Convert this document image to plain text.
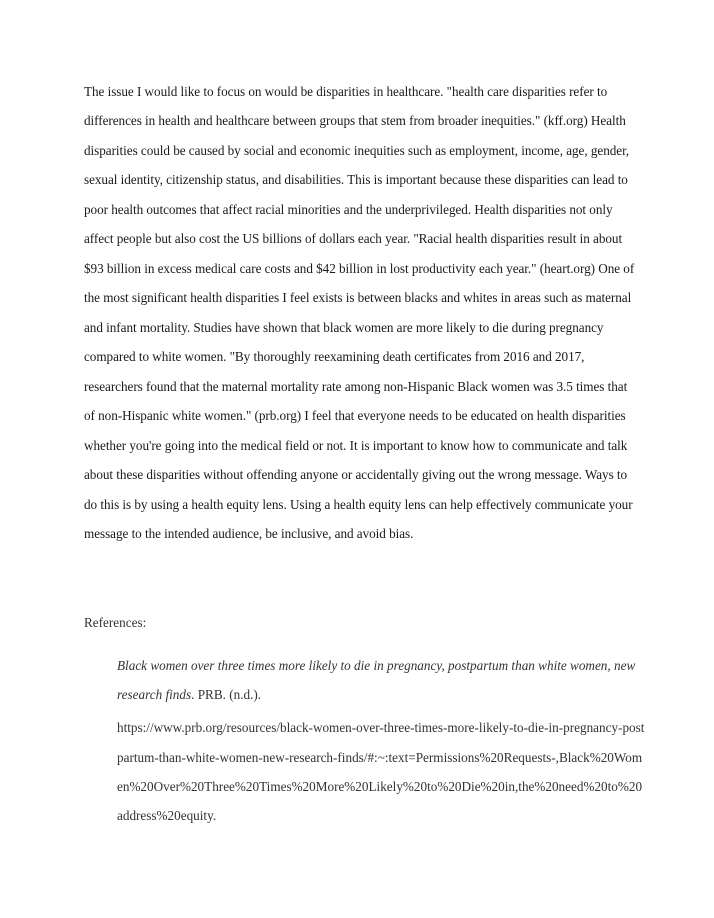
The issue I would like to focus on would be disparities in healthcare. "health care disparities refer to
differences in health and healthcare between groups that stem from broader inequities." (kff.org) Health
disparities could be caused by social and economic inequities such as employment, income, age, gender,
sexual identity, citizenship status, and disabilities. This is important because these disparities can lead to
poor health outcomes that affect racial minorities and the underprivileged. Health disparities not only
affect people but also cost the US billions of dollars each year. "Racial health disparities result in about
$93 billion in excess medical care costs and $42 billion in lost productivity each year." (heart.org) One of
the most significant health disparities I feel exists is between blacks and whites in areas such as maternal
and infant mortality. Studies have shown that black women are more likely to die during pregnancy
compared to white women. "By thoroughly reexamining death certificates from 2016 and 2017,
researchers found that the maternal mortality rate among non-Hispanic Black women was 3.5 times that
of non-Hispanic white women." (prb.org) I feel that everyone needs to be educated on health disparities
whether you're going into the medical field or not. It is important to know how to communicate and talk
about these disparities without offending anyone or accidentally giving out the wrong message. Ways to
do this is by using a health equity lens. Using a health equity lens can help effectively communicate your
message to the intended audience, be inclusive, and avoid bias.
References:
Black women over three times more likely to die in pregnancy, postpartum than white women, new
research finds. PRB. (n.d.).
https://www.prb.org/resources/black-women-over-three-times-more-likely-to-die-in-pregnancy-post
partum-than-white-women-new-research-finds/#:~:text=Permissions%20Requests-,Black%20Wom
en%20Over%20Three%20Times%20More%20Likely%20to%20Die%20in,the%20need%20to%20
address%20equity.
